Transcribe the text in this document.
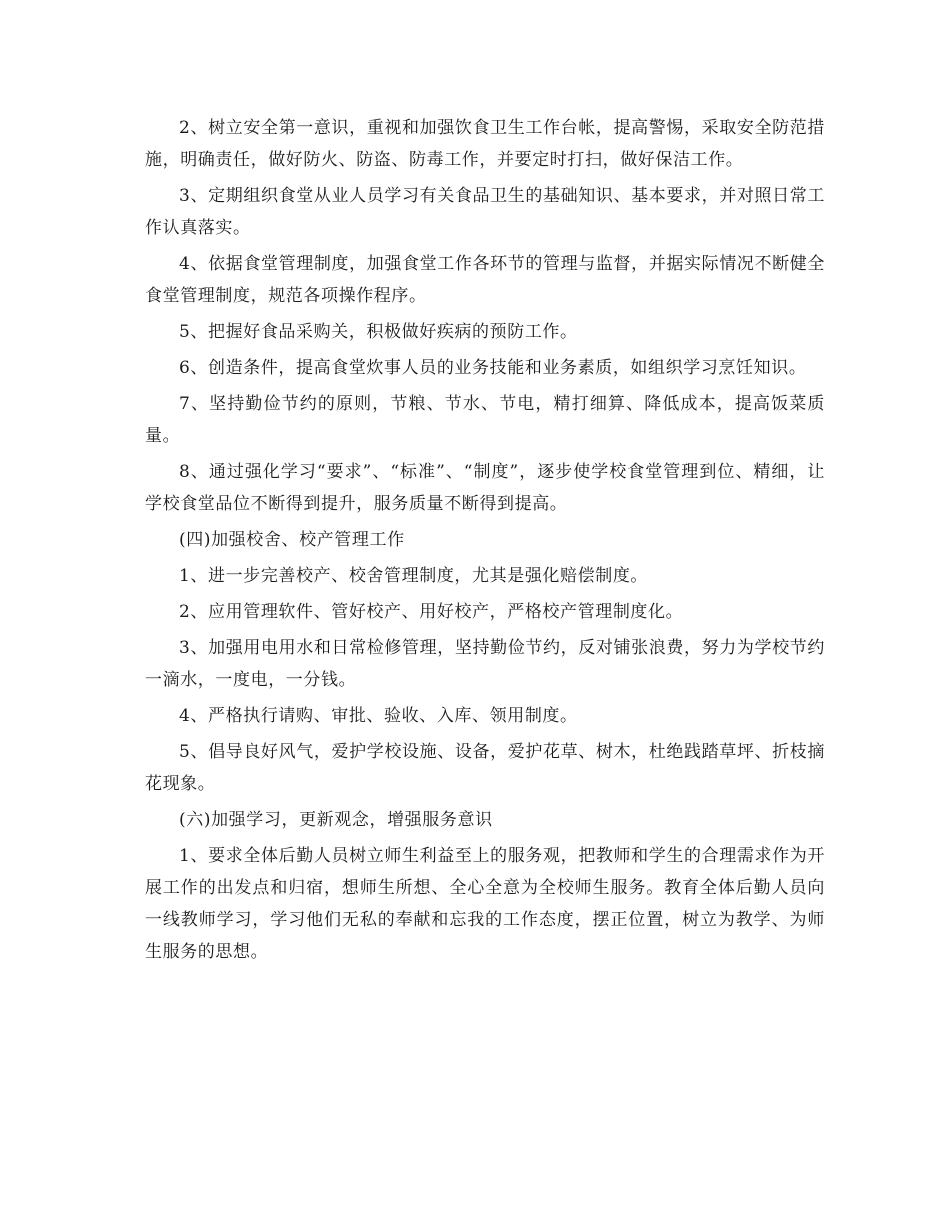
2、树立安全第一意识，重视和加强饮食卫生工作台帐，提高警惕，采取安全防范措施，明确责任，做好防火、防盗、防毒工作，并要定时打扫，做好保洁工作。

3、定期组织食堂从业人员学习有关食品卫生的基础知识、基本要求，并对照日常工作认真落实。

4、依据食堂管理制度，加强食堂工作各环节的管理与监督，并据实际情况不断健全食堂管理制度，规范各项操作程序。

5、把握好食品采购关，积极做好疾病的预防工作。

6、创造条件，提高食堂炊事人员的业务技能和业务素质，如组织学习烹饪知识。

7、坚持勤俭节约的原则，节粮、节水、节电，精打细算、降低成本，提高饭菜质量。

8、通过强化学习“要求”、“标准”、“制度”，逐步使学校食堂管理到位、精细，让学校食堂品位不断得到提升，服务质量不断得到提高。

(四)加强校舍、校产管理工作

1、进一步完善校产、校舍管理制度，尤其是强化赔偿制度。

2、应用管理软件、管好校产、用好校产，严格校产管理制度化。

3、加强用电用水和日常检修管理，坚持勤俭节约，反对铺张浪费，努力为学校节约一滴水，一度电，一分钱。

4、严格执行请购、审批、验收、入库、领用制度。

5、倡导良好风气，爱护学校设施、设备，爱护花草、树木，杜绝践踏草坪、折枝摘花现象。

(六)加强学习，更新观念，增强服务意识

1、要求全体后勤人员树立师生利益至上的服务观，把教师和学生的合理需求作为开展工作的出发点和归宿，想师生所想、全心全意为全校师生服务。教育全体后勤人员向一线教师学习，学习他们无私的奉献和忘我的工作态度，摆正位置，树立为教学、为师生服务的思想。
